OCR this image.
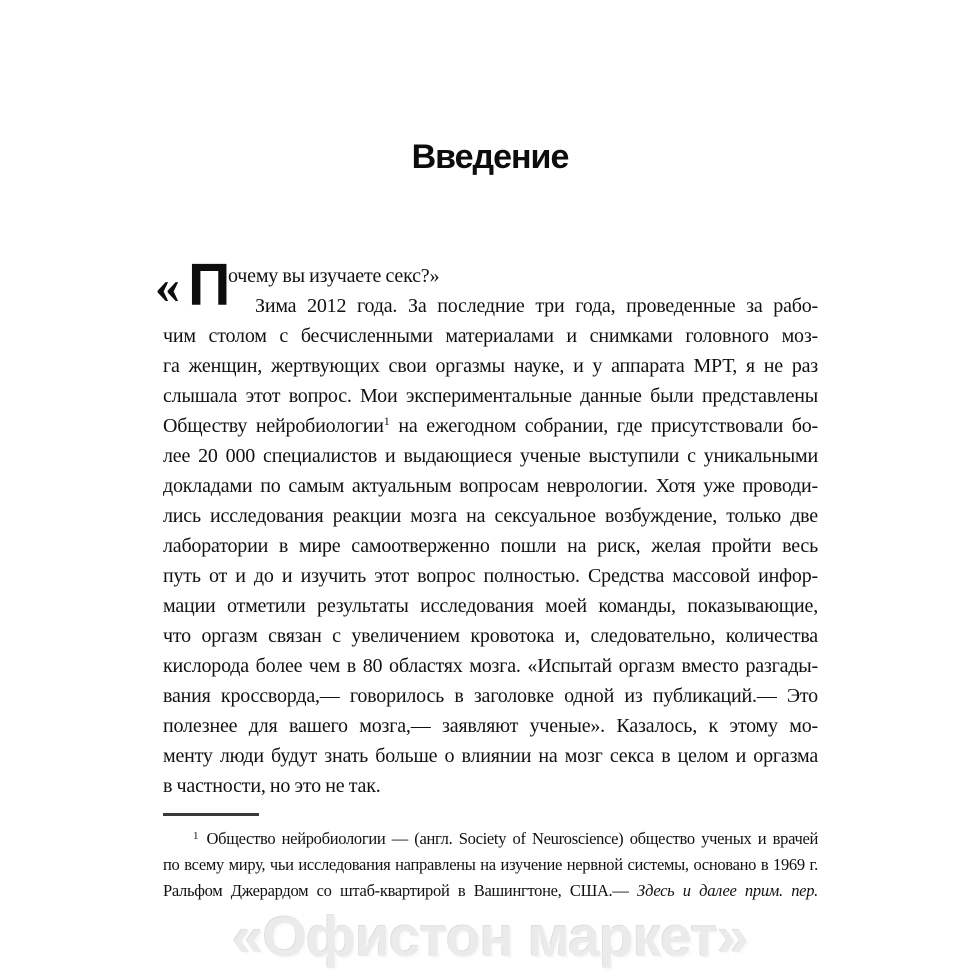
Введение
« П
очему вы изучаете секс?»
Зима 2012 года. За последние три года, проведенные за рабо-
чим столом с бесчисленными материалами и снимками головного моз-
га женщин, жертвующих свои оргазмы науке, и у аппарата МРТ, я не раз
слышала этот вопрос. Мои экспериментальные данные были представлены
Обществу нейробиологии$^1$ на ежегодном собрании, где присутствовали бо-
лее 20 000 специалистов и выдающиеся ученые выступили с уникальными
докладами по самым актуальным вопросам неврологии. Хотя уже проводи-
лись исследования реакции мозга на сексуальное возбуждение, только две
лаборатории в мире самоотверженно пошли на риск, желая пройти весь
путь от и до и изучить этот вопрос полностью. Средства массовой инфор-
мации отметили результаты исследования моей команды, показывающие,
что оргазм связан с увеличением кровотока и, следовательно, количества
кислорода более чем в 80 областях мозга. «Испытай оргазм вместо разгады-
вания кроссворда,— говорилось в заголовке одной из публикаций.— Это
полезнее для вашего мозга,— заявляют ученые». Казалось, к этому мо-
менту люди будут знать больше о влиянии на мозг секса в целом и оргазма
в частности, но это не так.
$^1$ Общество нейробиологии — (англ. Society of Neuroscience) общество ученых и врачей
по всему миру, чьи исследования направлены на изучение нервной системы, основано в 1969 г.
Ральфом Джерардом со штаб-квартирой в Вашингтоне, США.— Здесь и далее прим. пер.
«Офистон маркет»
